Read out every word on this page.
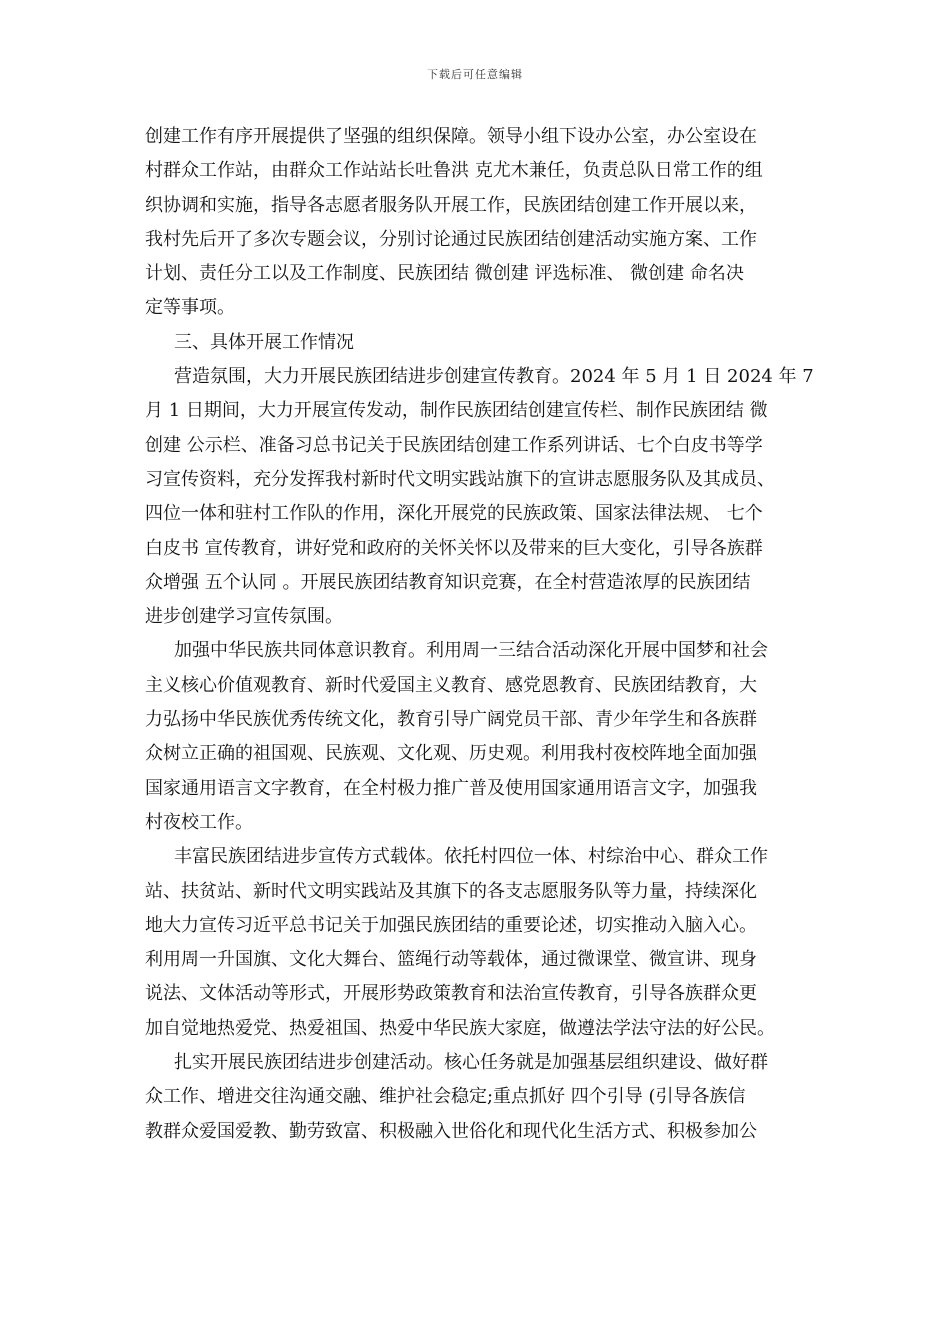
下载后可任意编辑
创建工作有序开展提供了坚强的组织保障。领导小组下设办公室，办公室设在
村群众工作站，由群众工作站站长吐鲁洪 克尤木兼任，负责总队日常工作的组
织协调和实施，指导各志愿者服务队开展工作，民族团结创建工作开展以来，
我村先后开了多次专题会议，分别讨论通过民族团结创建活动实施方案、工作
计划、责任分工以及工作制度、民族团结 微创建 评选标准、 微创建 命名决
定等事项。
三、具体开展工作情况
营造氛围，大力开展民族团结进步创建宣传教育。2024 年 5 月 1 日 2024 年 7
月 1 日期间，大力开展宣传发动，制作民族团结创建宣传栏、制作民族团结 微
创建 公示栏、准备习总书记关于民族团结创建工作系列讲话、七个白皮书等学
习宣传资料，充分发挥我村新时代文明实践站旗下的宣讲志愿服务队及其成员、
四位一体和驻村工作队的作用，深化开展党的民族政策、国家法律法规、 七个
白皮书 宣传教育，讲好党和政府的关怀关怀以及带来的巨大变化，引导各族群
众增强 五个认同 。开展民族团结教育知识竞赛，在全村营造浓厚的民族团结
进步创建学习宣传氛围。
加强中华民族共同体意识教育。利用周一三结合活动深化开展中国梦和社会
主义核心价值观教育、新时代爱国主义教育、感党恩教育、民族团结教育，大
力弘扬中华民族优秀传统文化，教育引导广阔党员干部、青少年学生和各族群
众树立正确的祖国观、民族观、文化观、历史观。利用我村夜校阵地全面加强
国家通用语言文字教育，在全村极力推广普及使用国家通用语言文字，加强我
村夜校工作。
丰富民族团结进步宣传方式载体。依托村四位一体、村综治中心、群众工作
站、扶贫站、新时代文明实践站及其旗下的各支志愿服务队等力量，持续深化
地大力宣传习近平总书记关于加强民族团结的重要论述，切实推动入脑入心。
利用周一升国旗、文化大舞台、篮绳行动等载体，通过微课堂、微宣讲、现身
说法、文体活动等形式，开展形势政策教育和法治宣传教育，引导各族群众更
加自觉地热爱党、热爱祖国、热爱中华民族大家庭，做遵法学法守法的好公民。
扎实开展民族团结进步创建活动。核心任务就是加强基层组织建设、做好群
众工作、增进交往沟通交融、维护社会稳定;重点抓好 四个引导 (引导各族信
教群众爱国爱教、勤劳致富、积极融入世俗化和现代化生活方式、积极参加公
